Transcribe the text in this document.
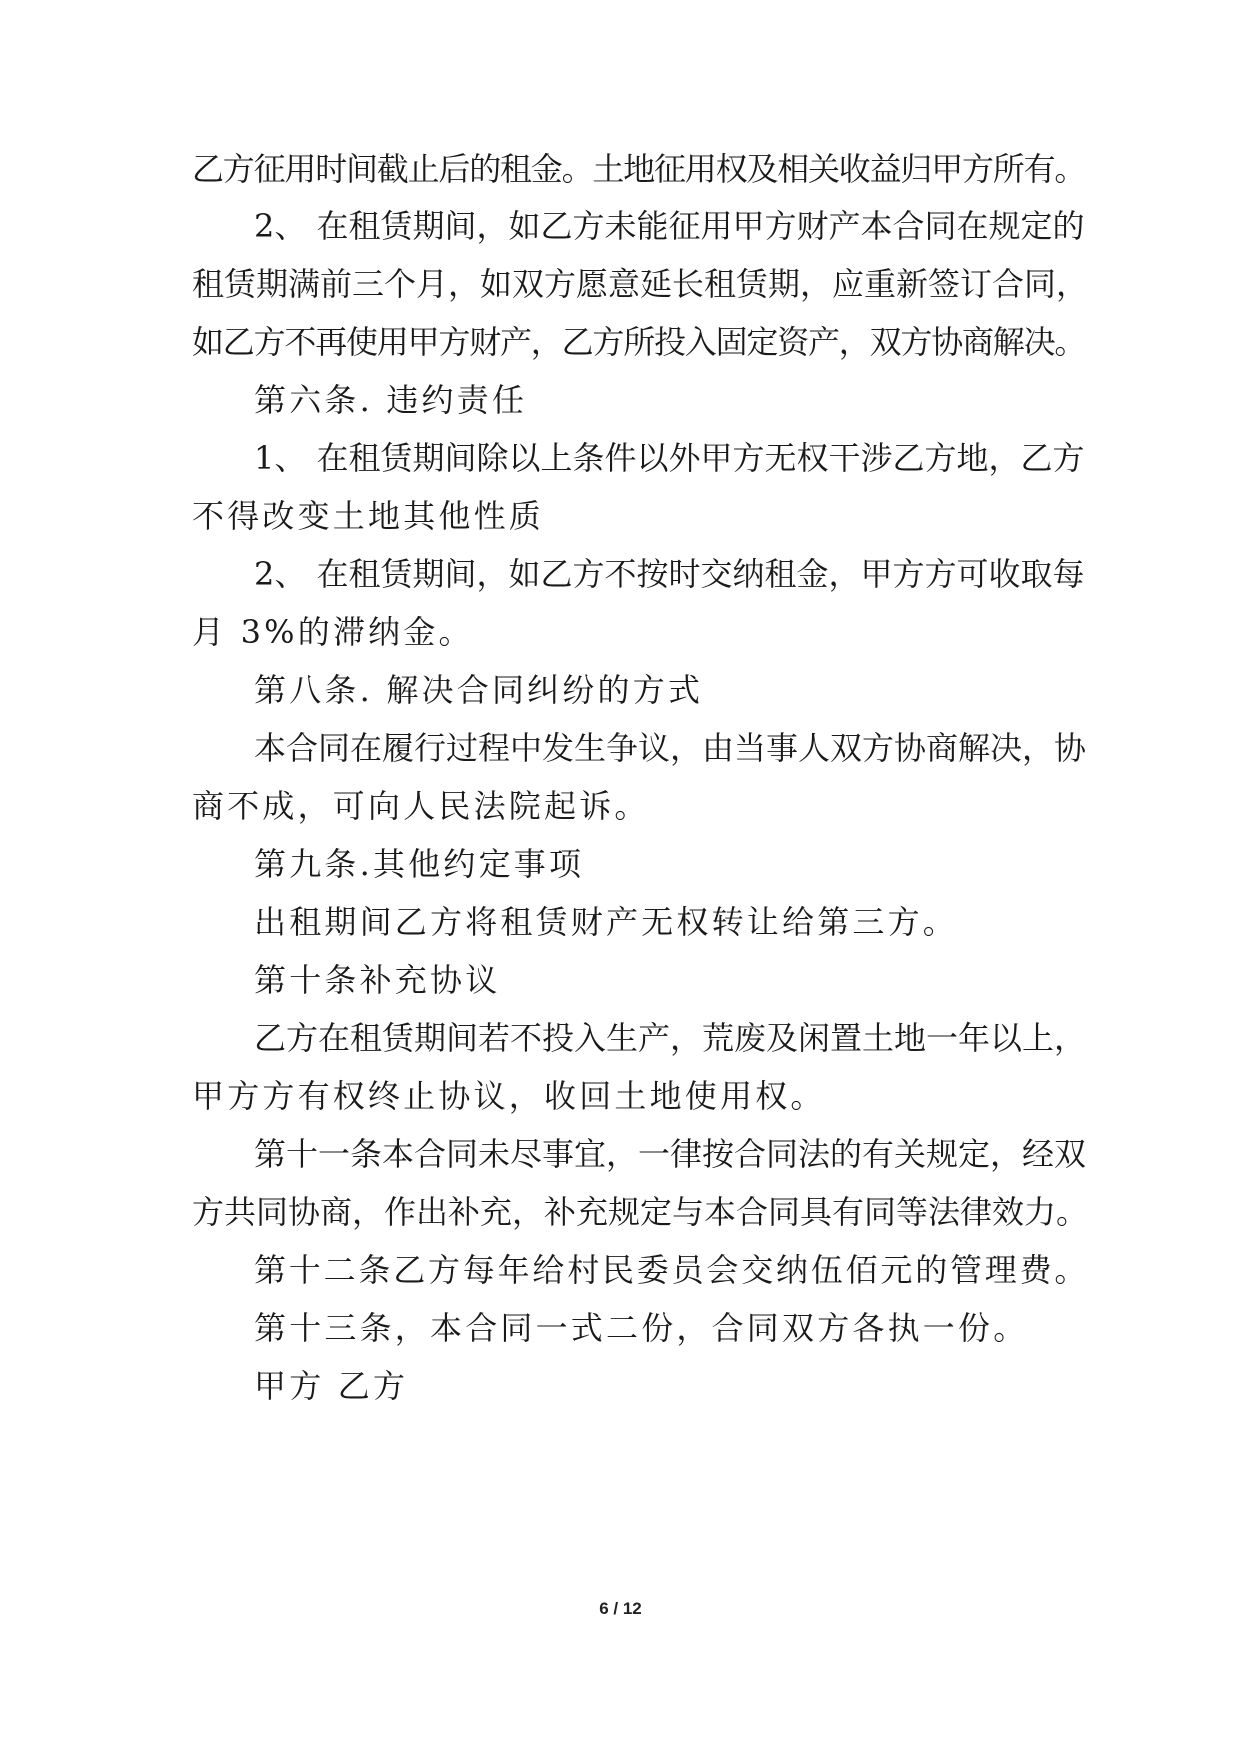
乙方征用时间截止后的租金。土地征用权及相关收益归甲方所有。
2、 在租赁期间，如乙方未能征用甲方财产本合同在规定的
租赁期满前三个月，如双方愿意延长租赁期，应重新签订合同，
如乙方不再使用甲方财产，乙方所投入固定资产，双方协商解决。
第六条. 违约责任
1、 在租赁期间除以上条件以外甲方无权干涉乙方地，乙方
不得改变土地其他性质
2、 在租赁期间，如乙方不按时交纳租金，甲方方可收取每
月 3%的滞纳金。
第八条. 解决合同纠纷的方式
本合同在履行过程中发生争议，由当事人双方协商解决，协
商不成，可向人民法院起诉。
第九条.其他约定事项
出租期间乙方将租赁财产无权转让给第三方。
第十条补充协议
乙方在租赁期间若不投入生产，荒废及闲置土地一年以上，
甲方方有权终止协议，收回土地使用权。
第十一条本合同未尽事宜，一律按合同法的有关规定，经双
方共同协商，作出补充，补充规定与本合同具有同等法律效力。
第十二条乙方每年给村民委员会交纳伍佰元的管理费。
第十三条，本合同一式二份，合同双方各执一份。
甲方 乙方
6 / 12
